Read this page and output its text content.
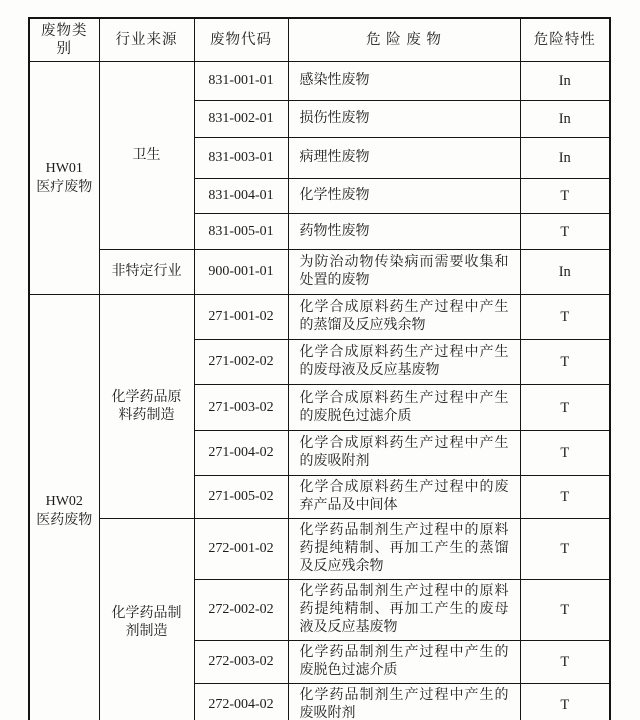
废物类别	行业来源	废物代码	危 险 废 物	危险特性

HW01
医疗废物	卫生	831-001-01	感染性废物	In
		831-002-01	损伤性废物	In
		831-003-01	病理性废物	In
		831-004-01	化学性废物	T
		831-005-01	药物性废物	T
	非特定行业	900-001-01	为防治动物传染病而需要收集和处置的废物	In

HW02
医药废物	化学药品原料药制造	271-001-02	化学合成原料药生产过程中产生的蒸馏及反应残余物	T
		271-002-02	化学合成原料药生产过程中产生的废母液及反应基废物	T
		271-003-02	化学合成原料药生产过程中产生的废脱色过滤介质	T
		271-004-02	化学合成原料药生产过程中产生的废吸附剂	T
		271-005-02	化学合成原料药生产过程中的废弃产品及中间体	T
	化学药品制剂制造	272-001-02	化学药品制剂生产过程中的原料药提纯精制、再加工产生的蒸馏及反应残余物	T
		272-002-02	化学药品制剂生产过程中的原料药提纯精制、再加工产生的废母液及反应基废物	T
		272-003-02	化学药品制剂生产过程中产生的废脱色过滤介质	T
		272-004-02	化学药品制剂生产过程中产生的废吸附剂	T
